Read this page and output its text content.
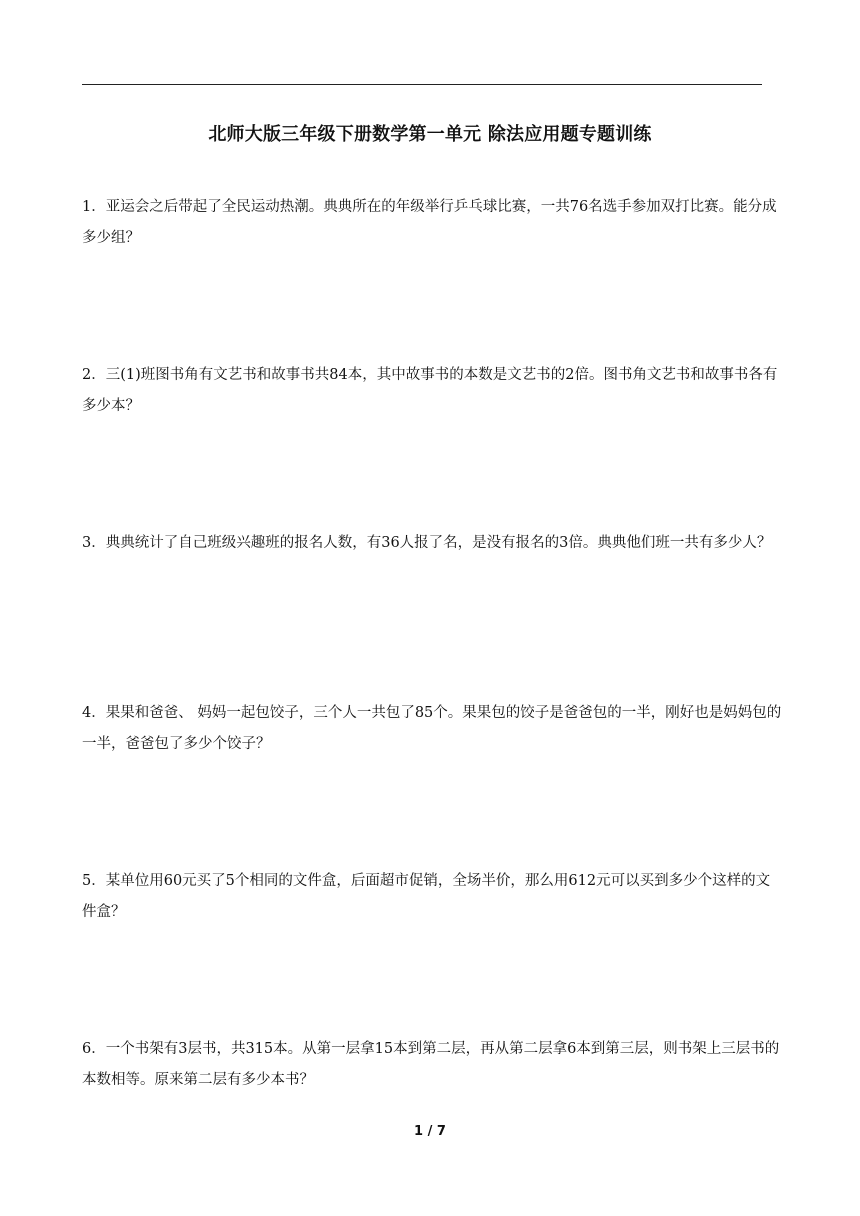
北师大版三年级下册数学第一单元 除法应用题专题训练
1．亚运会之后带起了全民运动热潮。典典所在的年级举行乒乓球比赛，一共76名选手参加双打比赛。能分成多少组？
2．三(1)班图书角有文艺书和故事书共84本，其中故事书的本数是文艺书的2倍。图书角文艺书和故事书各有多少本？
3．典典统计了自己班级兴趣班的报名人数，有36人报了名，是没有报名的3倍。典典他们班一共有多少人？
4．果果和爸爸、 妈妈一起包饺子，三个人一共包了85个。果果包的饺子是爸爸包的一半，刚好也是妈妈包的一半，爸爸包了多少个饺子？
5．某单位用60元买了5个相同的文件盒，后面超市促销，全场半价，那么用612元可以买到多少个这样的文件盒？
6．一个书架有3层书，共315本。从第一层拿15本到第二层，再从第二层拿6本到第三层，则书架上三层书的本数相等。原来第二层有多少本书？
1 / 7
